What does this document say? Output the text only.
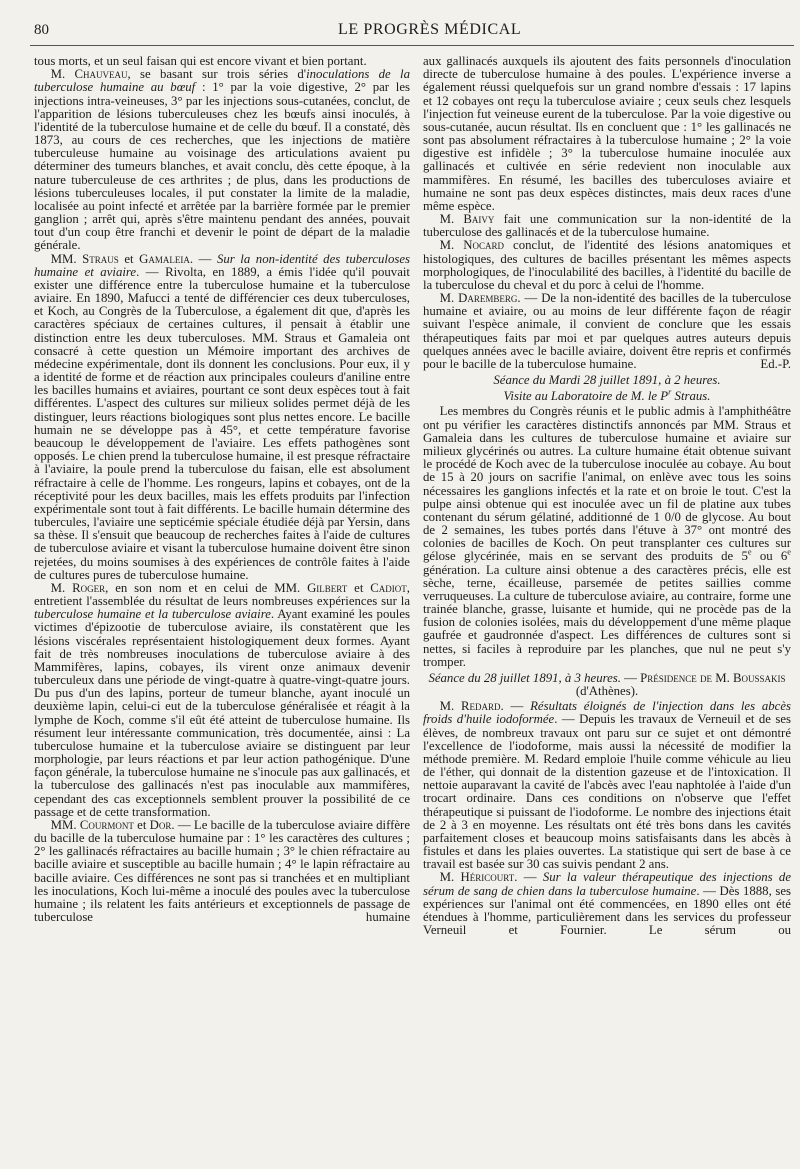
80	LE PROGRÈS MÉDICAL

tous morts, et un seul faisan qui est encore vivant et bien portant.

M. Chauveau, se basant sur trois séries d'inoculations de la tuberculose humaine au bœuf : 1° par la voie digestive, 2° par les injections intra-veineuses, 3° par les injections sous-cutanées, conclut, de l'apparition de lésions tuberculeuses chez les bœufs ainsi inoculés, à l'identité de la tuberculose humaine et de celle du bœuf. Il a constaté, dès 1873, au cours de ces recherches, que les injections de matière tuberculeuse humaine au voisinage des articulations avaient pu déterminer des tumeurs blanches, et avait conclu, dès cette époque, à la nature tuberculeuse de ces arthrites ; de plus, dans les productions de lésions tuberculeuses locales, il put constater la limite de la maladie, localisée au point infecté et arrêtée par la barrière formée par le premier ganglion ; arrêt qui, après s'être maintenu pendant des années, pouvait tout d'un coup être franchi et devenir le point de départ de la maladie générale.

MM. Straus et Gamaleia. — Sur la non-identité des tuberculoses humaine et aviaire. — Rivolta, en 1889, a émis l'idée qu'il pouvait exister une différence entre la tuberculose humaine et la tuberculose aviaire. En 1890, Mafucci a tenté de différencier ces deux tuberculoses, et Koch, au Congrès de la Tuberculose, a également dit que, d'après les caractères spéciaux de certaines cultures, il pensait à établir une distinction entre les deux tuberculoses. MM. Straus et Gamaleia ont consacré à cette question un Mémoire important des archives de médecine expérimentale, dont ils donnent les conclusions. Pour eux, il y a identité de forme et de réaction aux principales couleurs d'aniline entre les bacilles humains et aviaires, pourtant ce sont deux espèces tout à fait différentes. L'aspect des cultures sur milieux solides permet déjà de les distinguer, leurs réactions biologiques sont plus nettes encore. Le bacille humain ne se développe pas à 45°, et cette température favorise beaucoup le développement de l'aviaire. Les effets pathogènes sont opposés. Le chien prend la tuberculose humaine, il est presque réfractaire à l'aviaire, la poule prend la tuberculose du faisan, elle est absolument réfractaire à celle de l'homme. Les rongeurs, lapins et cobayes, ont de la réceptivité pour les deux bacilles, mais les effets produits par l'infection expérimentale sont tout à fait différents. Le bacille humain détermine des tubercules, l'aviaire une septicémie spéciale étudiée déjà par Yersin, dans sa thèse. Il s'ensuit que beaucoup de recherches faites à l'aide de cultures de tuberculose aviaire et visant la tuberculose humaine doivent être sinon rejetées, du moins soumises à des expériences de contrôle faites à l'aide de cultures pures de tuberculose humaine.

M. Roger, en son nom et en celui de MM. Gilbert et Cadiot, entretient l'assemblée du résultat de leurs nombreuses expériences sur la tuberculose humaine et la tuberculose aviaire. Ayant examiné les poules victimes d'épizootie de tuberculose aviaire, ils constatèrent que les lésions viscérales représentaient histologiquement deux formes. Ayant fait de très nombreuses inoculations de tuberculose aviaire à des Mammifères, lapins, cobayes, ils virent onze animaux devenir tuberculeux dans une période de vingt-quatre à quatre-vingt-quatre jours. Du pus d'un des lapins, porteur de tumeur blanche, ayant inoculé un deuxième lapin, celui-ci eut de la tuberculose généralisée et réagit à la lymphe de Koch, comme s'il eût été atteint de tuberculose humaine. Ils résument leur intéressante communication, très documentée, ainsi : La tuberculose humaine et la tuberculose aviaire se distinguent par leur morphologie, par leurs réactions et par leur action pathogénique. D'une façon générale, la tuberculose humaine ne s'inocule pas aux gallinacés, et la tuberculose des gallinacés n'est pas inoculable aux mammifères, cependant des cas exceptionnels semblent prouver la possibilité de ce passage et de cette transformation.

MM. Courmont et Dor. — Le bacille de la tuberculose aviaire diffère du bacille de la tuberculose humaine par : 1° les caractères des cultures ; 2° les gallinacés réfractaires au bacille humain ; 3° le chien réfractaire au bacille aviaire et susceptible au bacille humain ; 4° le lapin réfractaire au bacille aviaire. Ces différences ne sont pas si tranchées et en multipliant les inoculations, Koch lui-même a inoculé des poules avec la tuberculose humaine ; ils relatent les faits antérieurs et exceptionnels de passage de tuberculose humaine

aux gallinacés auxquels ils ajoutent des faits personnels d'inoculation directe de tuberculose humaine à des poules. L'expérience inverse a également réussi quelquefois sur un grand nombre d'essais : 17 lapins et 12 cobayes ont reçu la tuberculose aviaire ; ceux seuls chez lesquels l'injection fut veineuse eurent de la tuberculose. Par la voie digestive ou sous-cutanée, aucun résultat. Ils en concluent que : 1° les gallinacés ne sont pas absolument réfractaires à la tuberculose humaine ; 2° la voie digestive est infidèle ; 3° la tuberculose humaine inoculée aux gallinacés et cultivée en série redevient non inoculable aux mammifères. En résumé, les bacilles des tuberculoses aviaire et humaine ne sont pas deux espèces distinctes, mais deux races d'une même espèce.

M. Baivy fait une communication sur la non-identité de la tuberculose des gallinacés et de la tuberculose humaine.

M. Nocard conclut, de l'identité des lésions anatomiques et histologiques, des cultures de bacilles présentant les mêmes aspects morphologiques, de l'inoculabilité des bacilles, à l'identité du bacille de la tuberculose du cheval et du porc à celui de l'homme.

M. Daremberg. — De la non-identité des bacilles de la tuberculose humaine et aviaire, ou au moins de leur différente façon de réagir suivant l'espèce animale, il convient de conclure que les essais thérapeutiques faits par moi et par quelques autres auteurs depuis quelques années avec le bacille aviaire, doivent être repris et confirmés pour le bacille de la tuberculose humaine.	Ed.-P.

Séance du Mardi 28 juillet 1891, à 2 heures.

Visite au Laboratoire de M. le $P^r$ Straus.

Les membres du Congrès réunis et le public admis à l'amphithéâtre ont pu vérifier les caractères distinctifs annoncés par MM. Straus et Gamaleia dans les cultures de tuberculose humaine et aviaire sur milieux glycérinés ou autres. La culture humaine était obtenue suivant le procédé de Koch avec de la tuberculose inoculée au cobaye. Au bout de 15 à 20 jours on sacrifie l'animal, on enlève avec tous les soins nécessaires les ganglions infectés et la rate et on broie le tout. C'est la pulpe ainsi obtenue qui est inoculée avec un fil de platine aux tubes contenant du sérum gélatiné, additionné de 1 0/0 de glycose. Au bout de 2 semaines, les tubes portés dans l'étuve à 37° ont montré des colonies de bacilles de Koch. On peut transplanter ces cultures sur gélose glycérinée, mais en se servant des produits de 5e ou 6e génération. La culture ainsi obtenue a des caractères précis, elle est sèche, terne, écailleuse, parsemée de petites saillies comme verruqueuses. La culture de tuberculose aviaire, au contraire, forme une trainée blanche, grasse, luisante et humide, qui ne procède pas de la fusion de colonies isolées, mais du développement d'une même plaque gaufrée et gaudronnée d'aspect. Les différences de cultures sont si nettes, si faciles à reproduire par les planches, que nul ne peut s'y tromper.

Séance du 28 juillet 1891, à 3 heures. — Présidence de M. Boussakis (d'Athènes).

M. Redard. — Résultats éloignés de l'injection dans les abcès froids d'huile iodoformée. — Depuis les travaux de Verneuil et de ses élèves, de nombreux travaux ont paru sur ce sujet et ont démontré l'excellence de l'iodoforme, mais aussi la nécessité de modifier la méthode première. M. Redard emploie l'huile comme véhicule au lieu de l'éther, qui donnait de la distention gazeuse et de l'intoxication. Il nettoie auparavant la cavité de l'abcès avec l'eau naphtolée à l'aide d'un trocart ordinaire. Dans ces conditions on n'observe que l'effet thérapeutique si puissant de l'iodoforme. Le nombre des injections était de 2 à 3 en moyenne. Les résultats ont été très bons dans les cavités parfaitement closes et beaucoup moins satisfaisants dans les abcès à fistules et dans les plaies ouvertes. La statistique qui sert de base à ce travail est basée sur 30 cas suivis pendant 2 ans.

M. Héricourt. — Sur la valeur thérapeutique des injections de sérum de sang de chien dans la tuberculose humaine. — Dès 1888, ses expériences sur l'animal ont été commencées, en 1890 elles ont été étendues à l'homme, particulièrement dans les services du professeur Verneuil et Fournier. Le sérum ou
